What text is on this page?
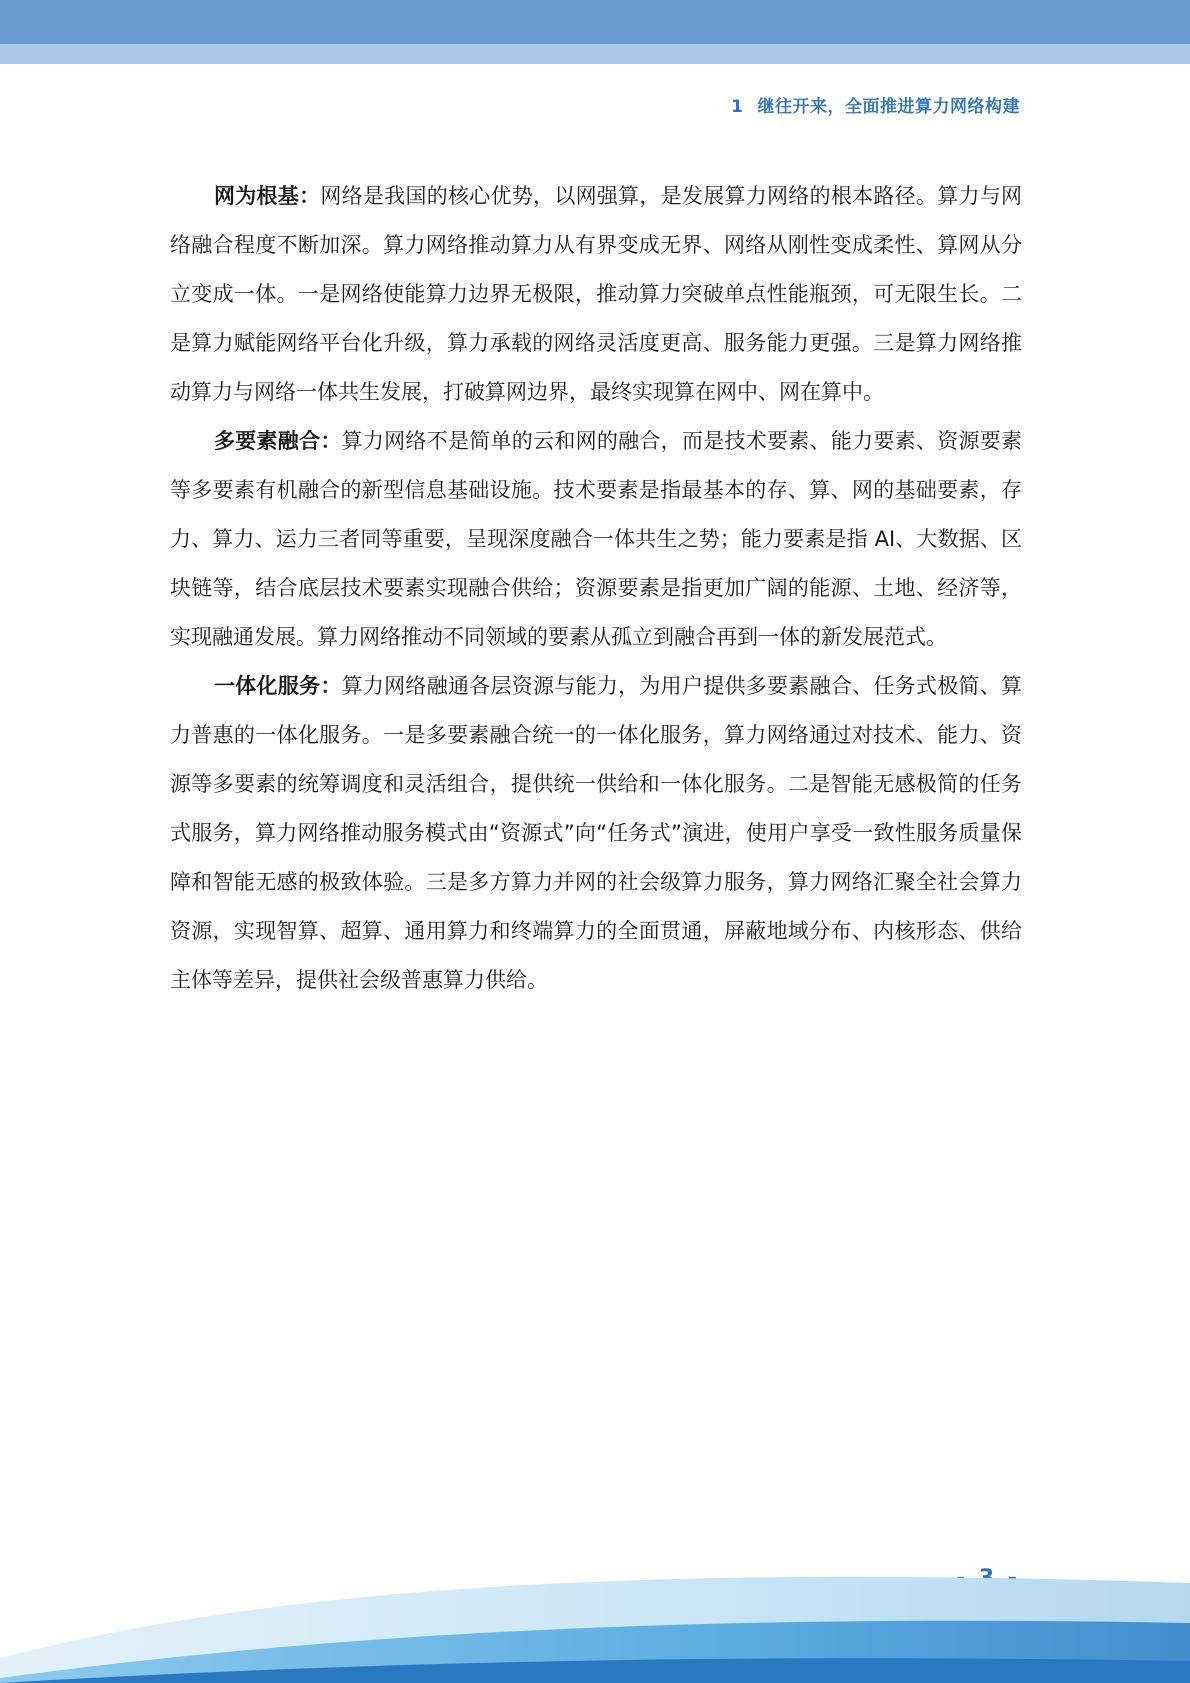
1 继往开来，全面推进算力网络构建

网为根基：网络是我国的核心优势，以网强算，是发展算力网络的根本路径。算力与网络融合程度不断加深。算力网络推动算力从有界变成无界、网络从刚性变成柔性、算网从分立变成一体。一是网络使能算力边界无极限，推动算力突破单点性能瓶颈，可无限生长。二是算力赋能网络平台化升级，算力承载的网络灵活度更高、服务能力更强。三是算力网络推动算力与网络一体共生发展，打破算网边界，最终实现算在网中、网在算中。

多要素融合：算力网络不是简单的云和网的融合，而是技术要素、能力要素、资源要素等多要素有机融合的新型信息基础设施。技术要素是指最基本的存、算、网的基础要素，存力、算力、运力三者同等重要，呈现深度融合一体共生之势；能力要素是指 AI、大数据、区块链等，结合底层技术要素实现融合供给；资源要素是指更加广阔的能源、土地、经济等，实现融通发展。算力网络推动不同领域的要素从孤立到融合再到一体的新发展范式。

一体化服务：算力网络融通各层资源与能力，为用户提供多要素融合、任务式极简、算力普惠的一体化服务。一是多要素融合统一的一体化服务，算力网络通过对技术、能力、资源等多要素的统筹调度和灵活组合，提供统一供给和一体化服务。二是智能无感极简的任务式服务，算力网络推动服务模式由“资源式”向“任务式”演进，使用户享受一致性服务质量保障和智能无感的极致体验。三是多方算力并网的社会级算力服务，算力网络汇聚全社会算力资源，实现智算、超算、通用算力和终端算力的全面贯通，屏蔽地域分布、内核形态、供给主体等差异，提供社会级普惠算力供给。
